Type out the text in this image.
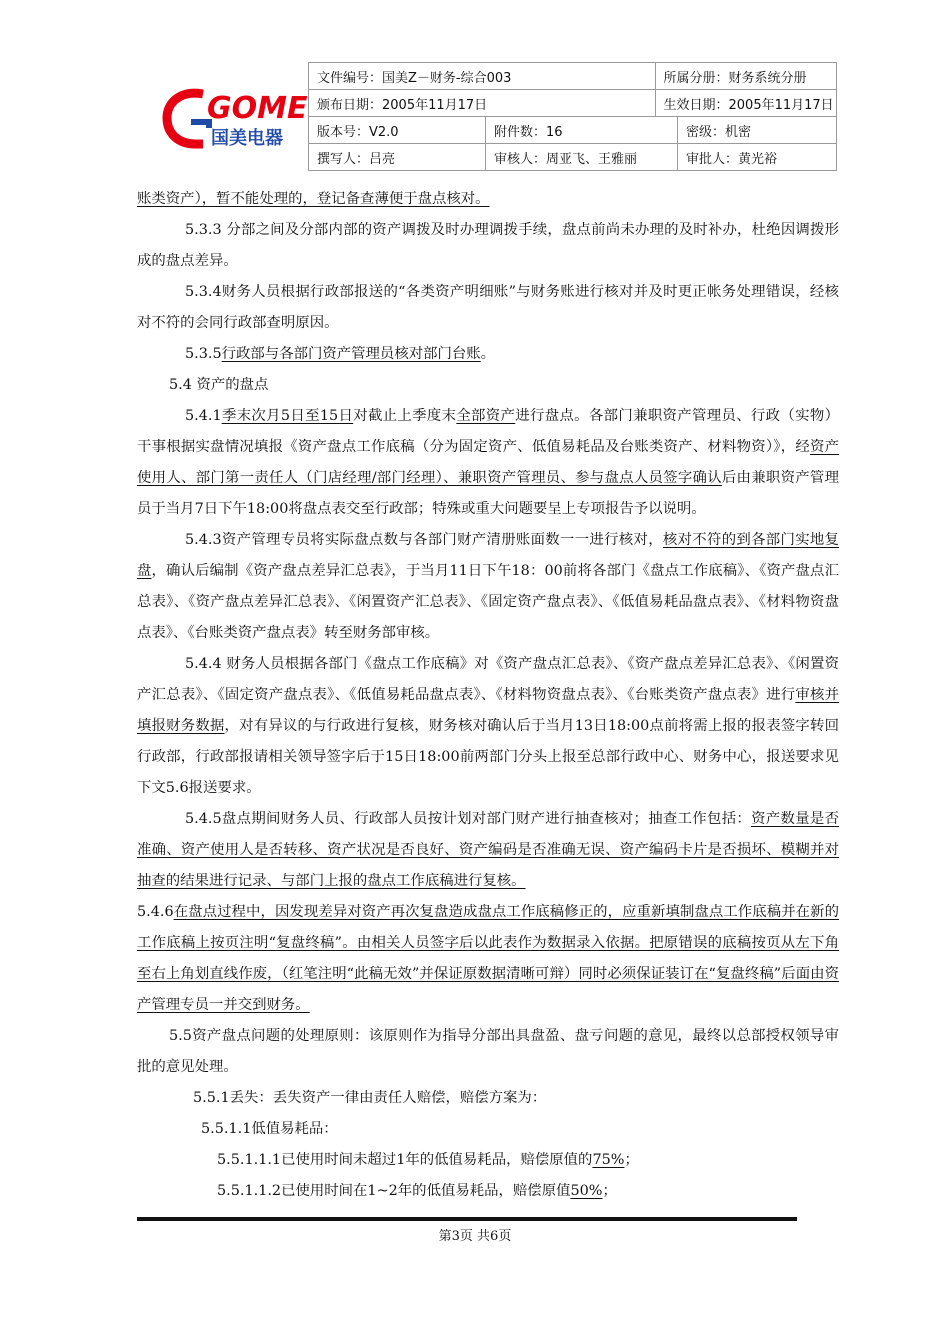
GOME
国美电器
文件编号：国美Z－财务-综合003		所属分册：财务系统分册	
颁布日期：2005年11月17日		生效日期：2005年11月17日	
版本号：V2.0	附件数：16		密级：机密
撰写人：吕亮	审核人：周亚飞、王雅丽		审批人：黄光裕

账类资产），暂不能处理的，登记备查薄便于盘点核对。

5.3.3 分部之间及分部内部的资产调拨及时办理调拨手续，盘点前尚未办理的及时补办，杜绝因调拨形成的盘点差异。

5.3.4财务人员根据行政部报送的“各类资产明细账”与财务账进行核对并及时更正帐务处理错误，经核对不符的会同行政部查明原因。

5.3.5行政部与各部门资产管理员核对部门台账。

5.4 资产的盘点

5.4.1季末次月5日至15日对截止上季度末全部资产进行盘点。各部门兼职资产管理员、行政（实物）干事根据实盘情况填报《资产盘点工作底稿（分为固定资产、低值易耗品及台账类资产、材料物资）》，经资产使用人、部门第一责任人（门店经理/部门经理）、兼职资产管理员、参与盘点人员签字确认后由兼职资产管理员于当月7日下午18:00将盘点表交至行政部；特殊或重大问题要呈上专项报告予以说明。

5.4.3资产管理专员将实际盘点数与各部门财产清册账面数一一进行核对，核对不符的到各部门实地复盘，确认后编制《资产盘点差异汇总表》，于当月11日下午18：00前将各部门《盘点工作底稿》、《资产盘点汇总表》、《资产盘点差异汇总表》、《闲置资产汇总表》、《固定资产盘点表》、《低值易耗品盘点表》、《材料物资盘点表》、《台账类资产盘点表》转至财务部审核。

5.4.4 财务人员根据各部门《盘点工作底稿》对《资产盘点汇总表》、《资产盘点差异汇总表》、《闲置资产汇总表》、《固定资产盘点表》、《低值易耗品盘点表》、《材料物资盘点表》、《台账类资产盘点表》进行审核并填报财务数据，对有异议的与行政进行复核，财务核对确认后于当月13日18:00点前将需上报的报表签字转回行政部，行政部报请相关领导签字后于15日18:00前两部门分头上报至总部行政中心、财务中心，报送要求见下文5.6报送要求。

5.4.5盘点期间财务人员、行政部人员按计划对部门财产进行抽查核对；抽查工作包括：资产数量是否准确、资产使用人是否转移、资产状况是否良好、资产编码是否准确无误、资产编码卡片是否损坏、模糊并对抽查的结果进行记录、与部门上报的盘点工作底稿进行复核。

5.4.6在盘点过程中，因发现差异对资产再次复盘造成盘点工作底稿修正的，应重新填制盘点工作底稿并在新的工作底稿上按页注明“复盘终稿”。由相关人员签字后以此表作为数据录入依据。把原错误的底稿按页从左下角至右上角划直线作废，（红笔注明“此稿无效”并保证原数据清晰可辩）同时必须保证装订在“复盘终稿”后面由资产管理专员一并交到财务。

5.5资产盘点问题的处理原则：该原则作为指导分部出具盘盈、盘亏问题的意见，最终以总部授权领导审批的意见处理。

5.5.1丢失：丢失资产一律由责任人赔偿，赔偿方案为：

5.5.1.1低值易耗品：

5.5.1.1.1已使用时间未超过1年的低值易耗品，赔偿原值的75%；

5.5.1.1.2已使用时间在1~2年的低值易耗品，赔偿原值50%；

第3页 共6页
